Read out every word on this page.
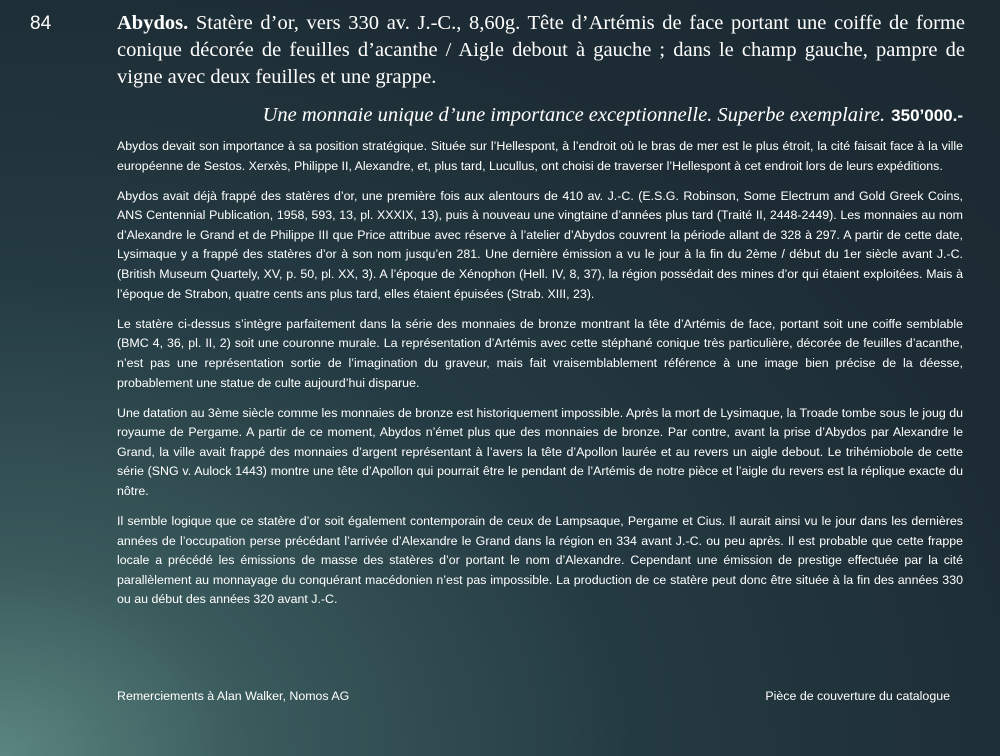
84	Abydos. Statère d’or, vers 330 av. J.-C., 8,60g. Tête d’Artémis de face portant une coiffe de forme conique décorée de feuilles d’acanthe / Aigle debout à gauche ; dans le champ gauche, pampre de vigne avec deux feuilles et une grappe.

Une monnaie unique d’une importance exceptionnelle. Superbe exemplaire. 350’000.-

Abydos devait son importance à sa position stratégique. Située sur l’Hellespont, à l’endroit où le bras de mer est le plus étroit, la cité faisait face à la ville européenne de Sestos. Xerxès, Philippe II, Alexandre, et, plus tard, Lucullus, ont choisi de traverser l’Hellespont à cet endroit lors de leurs expéditions.

Abydos avait déjà frappé des statères d’or, une première fois aux alentours de 410 av. J.-C. (E.S.G. Robinson, Some Electrum and Gold Greek Coins, ANS Centennial Publication, 1958, 593, 13, pl. XXXIX, 13), puis à nouveau une vingtaine d’années plus tard (Traité II, 2448-2449). Les monnaies au nom d’Alexandre le Grand et de Philippe III que Price attribue avec réserve à l’atelier d’Abydos couvrent la période allant de 328 à 297. A partir de cette date, Lysimaque y a frappé des statères d’or à son nom jusqu’en 281. Une dernière émission a vu le jour à la fin du 2ème / début du 1er siècle avant J.-C. (British Museum Quartely, XV, p. 50, pl. XX, 3). A l’époque de Xénophon (Hell. IV, 8, 37), la région possédait des mines d’or qui étaient exploitées. Mais à l’époque de Strabon, quatre cents ans plus tard, elles étaient épuisées (Strab. XIII, 23).

Le statère ci-dessus s’intègre parfaitement dans la série des monnaies de bronze montrant la tête d’Artémis de face, portant soit une coiffe semblable (BMC 4, 36, pl. II, 2) soit une couronne murale. La représentation d’Artémis avec cette stéphané conique très particulière, décorée de feuilles d’acanthe, n’est pas une représentation sortie de l’imagination du graveur, mais fait vraisemblablement référence à une image bien précise de la déesse, probablement une statue de culte aujourd’hui disparue.

Une datation au 3ème siècle comme les monnaies de bronze est historiquement impossible. Après la mort de Lysimaque, la Troade tombe sous le joug du royaume de Pergame. A partir de ce moment, Abydos n’émet plus que des monnaies de bronze. Par contre, avant la prise d’Abydos par Alexandre le Grand, la ville avait frappé des monnaies d’argent représentant à l’avers la tête d’Apollon laurée et au revers un aigle debout. Le trihémiobole de cette série (SNG v. Aulock 1443) montre une tête d’Apollon qui pourrait être le pendant de l’Artémis de notre pièce et l’aigle du revers est la réplique exacte du nôtre.

Il semble logique que ce statère d’or soit également contemporain de ceux de Lampsaque, Pergame et Cius. Il aurait ainsi vu le jour dans les dernières années de l’occupation perse précédant l’arrivée d’Alexandre le Grand dans la région en 334 avant J.-C. ou peu après. Il est probable que cette frappe locale a précédé les émissions de masse des statères d’or portant le nom d’Alexandre. Cependant une émission de prestige effectuée par la cité parallèlement au monnayage du conquérant macédonien n’est pas impossible. La production de ce statère peut donc être située à la fin des années 330 ou au début des années 320 avant J.-C.

Remerciements à Alan Walker, Nomos AG	Pièce de couverture du catalogue
